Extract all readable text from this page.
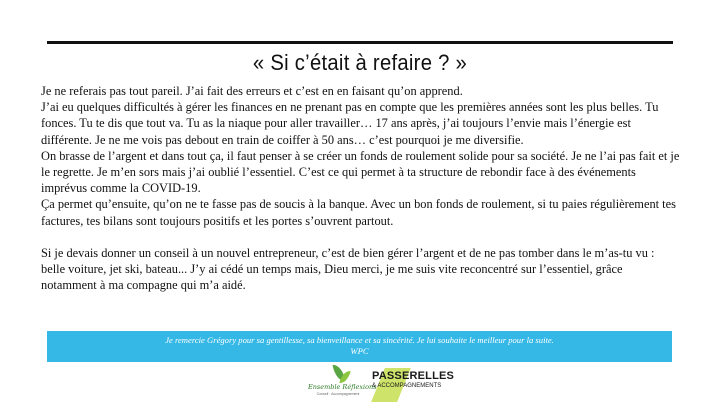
« Si c’était à refaire ? »

Je ne referais pas tout pareil. J’ai fait des erreurs et c’est en en faisant qu’on apprend.

J’ai eu quelques difficultés à gérer les finances en ne prenant pas en compte que les premières années sont les plus belles. Tu fonces. Tu te dis que tout va. Tu as la niaque pour aller travailler… 17 ans après, j’ai toujours l’envie mais l’énergie est différente. Je ne me vois pas debout en train de coiffer à 50 ans… c’est pourquoi je me diversifie.

On brasse de l’argent et dans tout ça, il faut penser à se créer un fonds de roulement solide pour sa société. Je ne l’ai pas fait et je le regrette. Je m’en sors mais j’ai oublié l’essentiel. C’est ce qui permet à ta structure de rebondir face à des événements imprévus comme la COVID-19.

Ça permet qu’ensuite, qu’on ne te fasse pas de soucis à la banque. Avec un bon fonds de roulement, si tu paies régulièrement tes factures, tes bilans sont toujours positifs et les portes s’ouvrent partout.

Si je devais donner un conseil à un nouvel entrepreneur, c’est de bien gérer l’argent et de ne pas tomber dans le m’as-tu vu : belle voiture, jet ski, bateau... J’y ai cédé un temps mais, Dieu merci, je me suis vite reconcentré sur l’essentiel, grâce notamment à ma compagne qui m’a aidé.

Je remercie Grégory pour sa gentillesse, sa bienveillance et sa sincérité. Je lui souhaite le meilleur pour la suite.
WPC
Ensemble Réflexions
Conseil · Accompagnement
PASSERELLES
& ACCOMPAGNEMENTS
